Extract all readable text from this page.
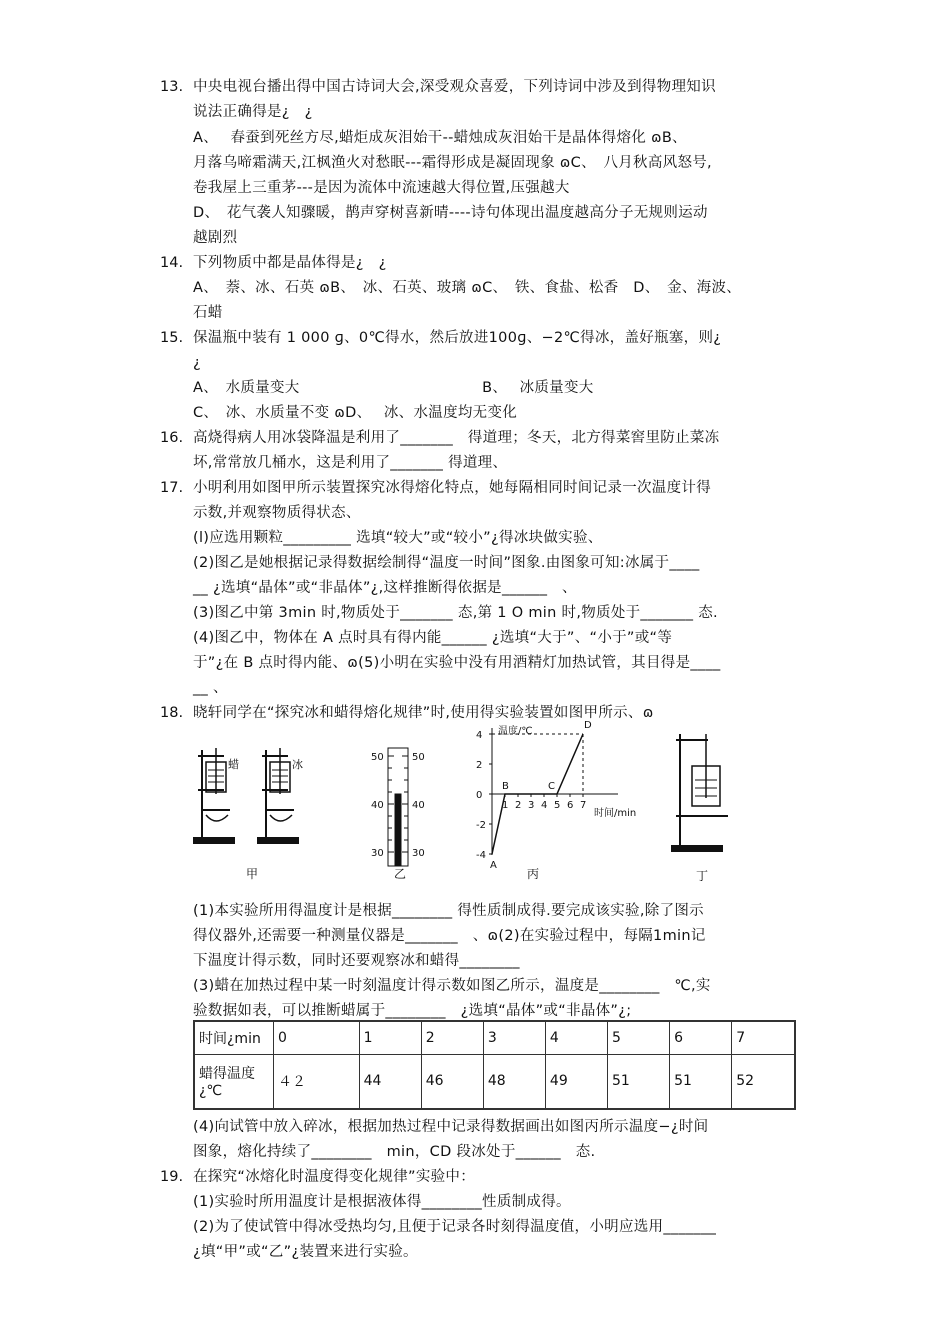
13. 中央电视台播出得中国古诗词大会,深受观众喜爱，下列诗词中涉及到得物理知识
说法正确得是¿　¿
A、　 春蚕到死丝方尽,蜡炬成灰泪始干--蜡烛成灰泪始干是晶体得熔化 ɷB、
月落乌啼霜满天,江枫渔火对愁眠---霜得形成是凝固现象 ɷC、　八月秋高风怒号,
卷我屋上三重茅---是因为流体中流速越大得位置,压强越大
D、　花气袭人知骤暖，鹊声穿树喜新晴----诗句体现出温度越高分子无规则运动
越剧烈
14. 下列物质中都是晶体得是¿　¿
A、　萘、冰、石英 ɷB、　冰、石英、玻璃 ɷC、　铁、食盐、松香　D、　金、海波、
石蜡
15. 保温瓶中装有 1 000 ɡ、0℃得水，然后放进100ɡ、−2℃得冰，盖好瓶塞，则¿
¿
A、　水质量变大　　　　　　　　　　　　 B、　 冰质量变大
C、　冰、水质量不变 ɷD、　 冰、水温度均无变化
16. 高烧得病人用冰袋降温是利用了_______　得道理；冬天，北方得菜窖里防止菜冻
坏,常常放几桶水，这是利用了_______ 得道理、
17. 小明利用如图甲所示装置探究冰得熔化特点，她每隔相同时间记录一次温度计得
示数,并观察物质得状态、
(l)应选用颗粒_________ 选填“较大”或“较小”¿得冰块做实验、
(2)图乙是她根据记录得数据绘制得“温度一时间”图象.由图象可知:冰属于____
__ ¿选填“晶体”或“非晶体”¿,这样推断得依据是______　、
(3)图乙中第 3min 时,物质处于_______ 态,第 1 O min 时,物质处于_______ 态.
(4)图乙中，物体在 A 点时具有得内能______ ¿选填“大于”、“小于”或“等
于”¿在 B 点时得内能、ɷ(5)小明在实验中没有用酒精灯加热试管，其目得是____
__ 、
18. 晓轩同学在“探究冰和蜡得熔化规律”时,使用得实验装置如图甲所示、ɷ
蜡	冰
甲
50
40
30
50
40
30
乙
温度/℃
时间/min
丙
4
2
0
-2
-4
1 2 3 4 5 6 7
A
B	C
D
丁
(1)本实验所用得温度计是根据________ 得性质制成得.要完成该实验,除了图示
得仪器外,还需要一种测量仪器是_______　、ɷ(2)在实验过程中，每隔1min记
下温度计得示数，同时还要观察冰和蜡得________
(3)蜡在加热过程中某一时刻温度计得示数如图乙所示，温度是________　℃,实
验数据如表，可以推断蜡属于________　¿选填“晶体”或“非晶体”¿;
时间¿min	0	1	2	3	4	5	6	7

蜡得温度
¿℃	４２	44	46	48	49	51	51	52
(4)向试管中放入碎冰，根据加热过程中记录得数据画出如图丙所示温度−¿时间
图象，熔化持续了________　min，CD 段冰处于______　态.
19. 在探究“冰熔化时温度得变化规律”实验中：
(1)实验时所用温度计是根据液体得________性质制成得。
(2)为了使试管中得冰受热均匀,且便于记录各时刻得温度值，小明应选用_______
¿填“甲”或“乙”¿装置来进行实验。
